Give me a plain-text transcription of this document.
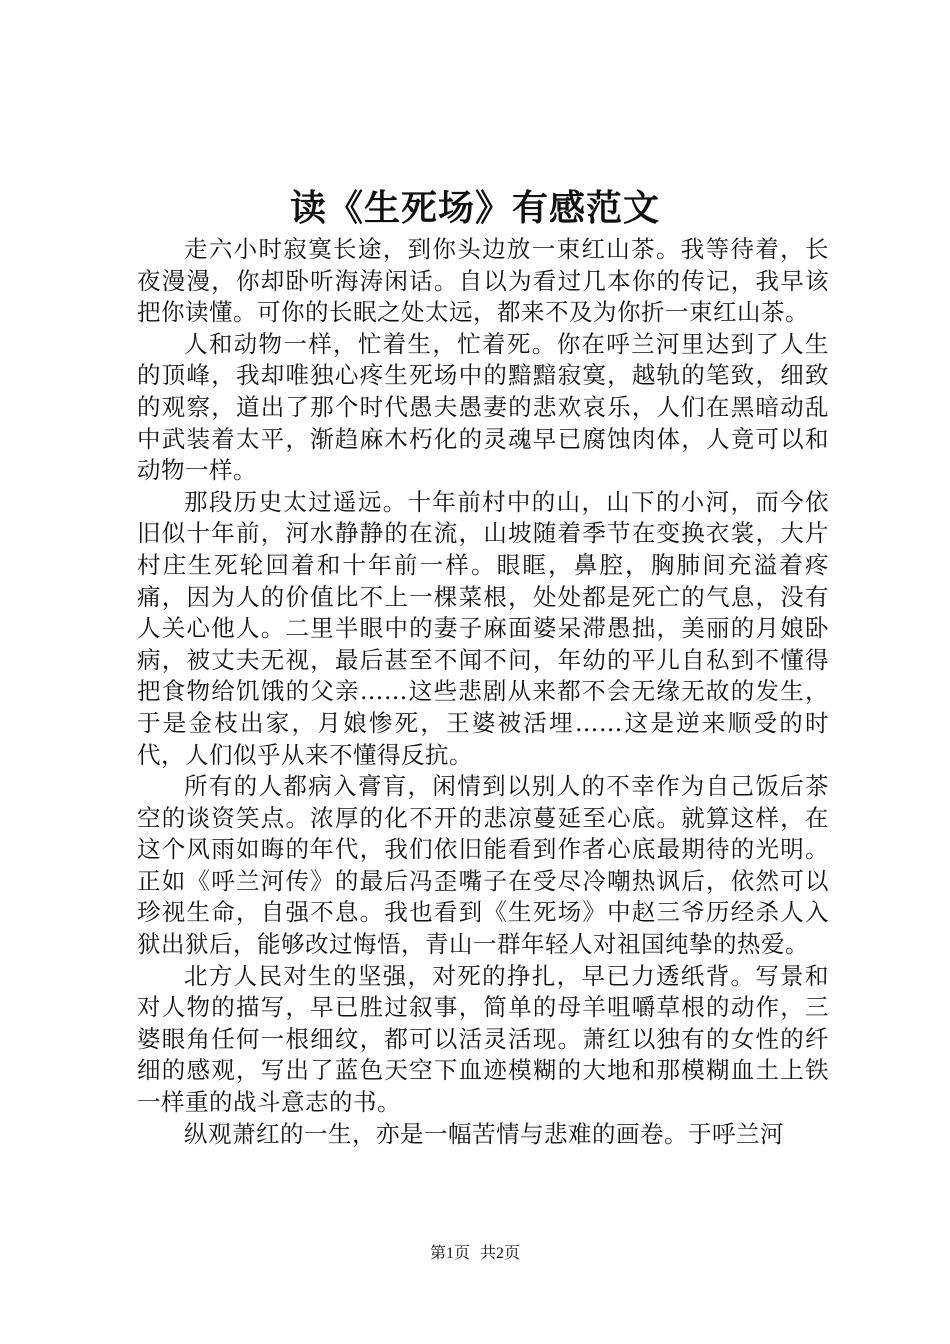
读《生死场》有感范文

走六小时寂寞长途，到你头边放一束红山茶。我等待着，长夜漫漫，你却卧听海涛闲话。自以为看过几本你的传记，我早该把你读懂。可你的长眠之处太远，都来不及为你折一束红山茶。

人和动物一样，忙着生，忙着死。你在呼兰河里达到了人生的顶峰，我却唯独心疼生死场中的黯黯寂寞，越轨的笔致，细致的观察，道出了那个时代愚夫愚妻的悲欢哀乐，人们在黑暗动乱中武装着太平，渐趋麻木朽化的灵魂早已腐蚀肉体，人竟可以和动物一样。

那段历史太过遥远。十年前村中的山，山下的小河，而今依旧似十年前，河水静静的在流，山坡随着季节在变换衣裳，大片村庄生死轮回着和十年前一样。眼眶，鼻腔，胸肺间充溢着疼痛，因为人的价值比不上一棵菜根，处处都是死亡的气息，没有人关心他人。二里半眼中的妻子麻面婆呆滞愚拙，美丽的月娘卧病，被丈夫无视，最后甚至不闻不问，年幼的平儿自私到不懂得把食物给饥饿的父亲……这些悲剧从来都不会无缘无故的发生，于是金枝出家，月娘惨死，王婆被活埋……这是逆来顺受的时代，人们似乎从来不懂得反抗。

所有的人都病入膏肓，闲情到以别人的不幸作为自己饭后茶空的谈资笑点。浓厚的化不开的悲凉蔓延至心底。就算这样，在这个风雨如晦的年代，我们依旧能看到作者心底最期待的光明。正如《呼兰河传》的最后冯歪嘴子在受尽冷嘲热讽后，依然可以珍视生命，自强不息。我也看到《生死场》中赵三爷历经杀人入狱出狱后，能够改过悔悟，青山一群年轻人对祖国纯挚的热爱。

北方人民对生的坚强，对死的挣扎，早已力透纸背。写景和对人物的描写，早已胜过叙事，简单的母羊咀嚼草根的动作，三婆眼角任何一根细纹，都可以活灵活现。萧红以独有的女性的纤细的感观，写出了蓝色天空下血迹模糊的大地和那模糊血土上铁一样重的战斗意志的书。

纵观萧红的一生，亦是一幅苦情与悲难的画卷。于呼兰河

第1页 共2页
